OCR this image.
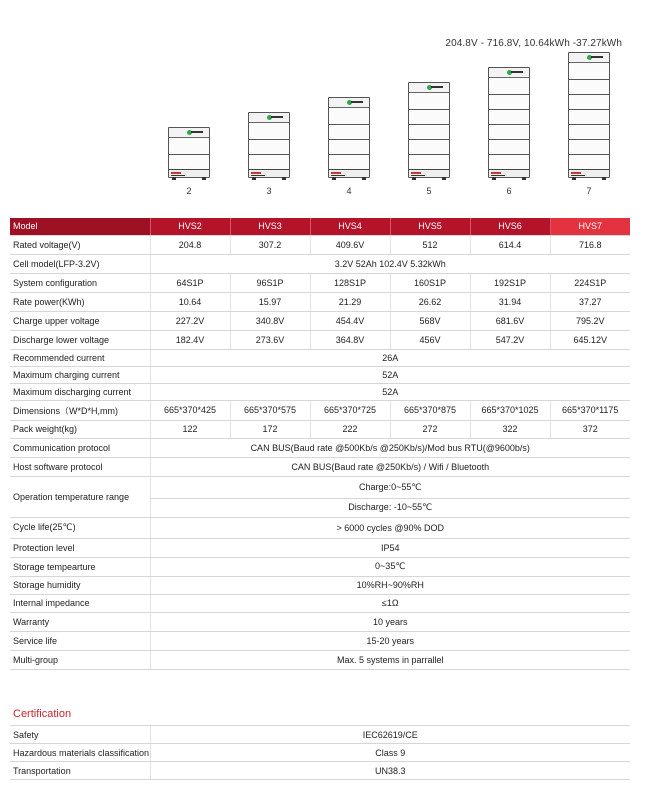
204.8V - 716.8V, 10.64kWh -37.27kWh
2	3	4	5	6	7
Model	HVS2	HVS3	HVS4	HVS5	HVS6	HVS7
Rated voltage(V)	204.8	307.2	409.6V	512	614.4	716.8
Cell model(LFP-3.2V)	3.2V 52Ah 102.4V 5.32kWh					
System configuration	64S1P	96S1P	128S1P	160S1P	192S1P	224S1P
Rate power(KWh)	10.64	15.97	21.29	26.62	31.94	37.27
Charge upper voltage	227.2V	340.8V	454.4V	568V	681.6V	795.2V
Discharge lower voltage	182.4V	273.6V	364.8V	456V	547.2V	645.12V
Recommended current	26A					
Maximum charging current	52A					
Maximum discharging current	52A					
Dimensions（W*D*H,mm)	665*370*425	665*370*575	665*370*725	665*370*875	665*370*1025	665*370*1175
Pack weight(kg)	122	172	222	272	322	372
Communication protocol	CAN BUS(Baud rate @500Kb/s @250Kb/s)/Mod bus RTU(@9600b/s)					
Host software protocol	CAN BUS(Baud rate @250Kb/s) / Wifi / Bluetooth					
Operation temperature range	Charge:0~55℃					
	Discharge: -10~55℃					
Cycle life(25℃)	> 6000 cycles @90% DOD					
Protection level	IP54					
Storage tempearture	0~35℃					
Storage humidity	10%RH~90%RH					
Internal impedance	≤1Ω					
Warranty	10 years					
Service life	15-20 years					
Multi-group	Max. 5 systems in parrallel					
Certification
Safety	IEC62619/CE
Hazardous materials classification	Class 9
Transportation	UN38.3
